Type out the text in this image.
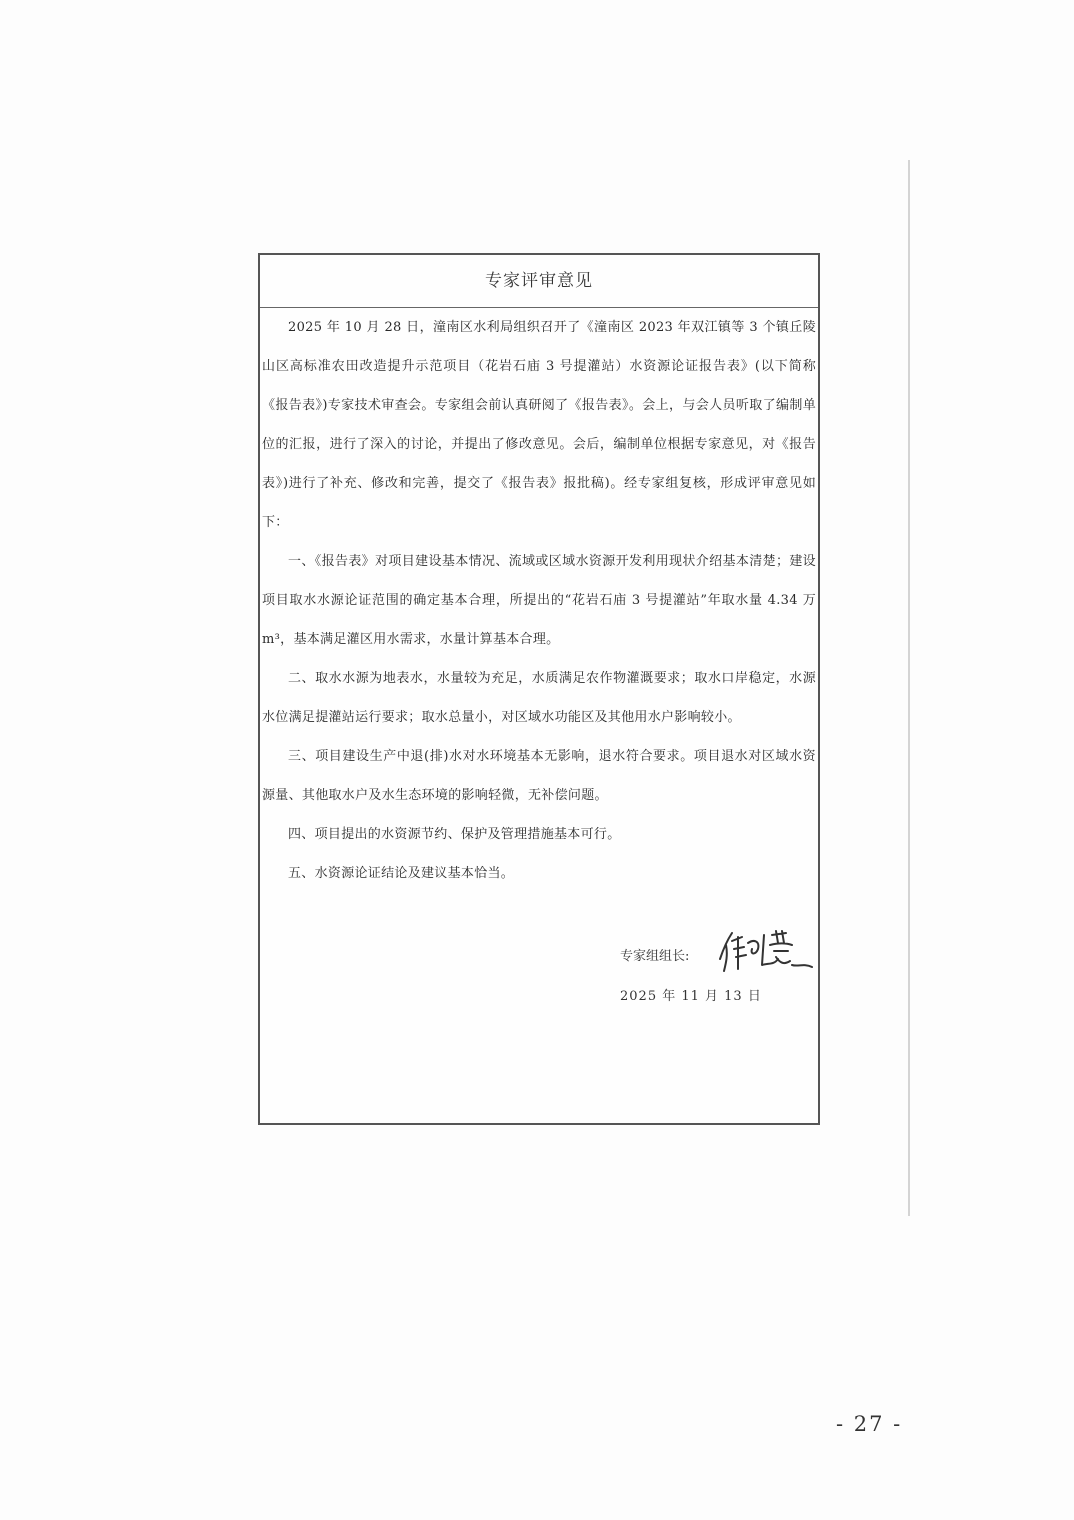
专家评审意见

2025 年 10 月 28 日，潼南区水利局组织召开了《潼南区 2023 年双江镇等 3 个镇丘陵山区高标准农田改造提升示范项目（花岩石庙 3 号提灌站）水资源论证报告表》(以下简称《报告表》)专家技术审查会。专家组会前认真研阅了《报告表》。会上，与会人员听取了编制单位的汇报，进行了深入的讨论，并提出了修改意见。会后，编制单位根据专家意见，对《报告表》)进行了补充、修改和完善，提交了《报告表》报批稿)。经专家组复核，形成评审意见如下：

一、《报告表》对项目建设基本情况、流域或区域水资源开发利用现状介绍基本清楚；建设项目取水水源论证范围的确定基本合理，所提出的“花岩石庙 3 号提灌站”年取水量 4.34 万 m³，基本满足灌区用水需求，水量计算基本合理。

二、取水水源为地表水，水量较为充足，水质满足农作物灌溉要求；取水口岸稳定，水源水位满足提灌站运行要求；取水总量小，对区域水功能区及其他用水户影响较小。

三、项目建设生产中退(排)水对水环境基本无影响，退水符合要求。项目退水对区域水资源量、其他取水户及水生态环境的影响轻微，无补偿问题。

四、项目提出的水资源节约、保护及管理措施基本可行。

五、水资源论证结论及建议基本恰当。

专家组组长:
2025 年 11 月 13 日
- 27 -
